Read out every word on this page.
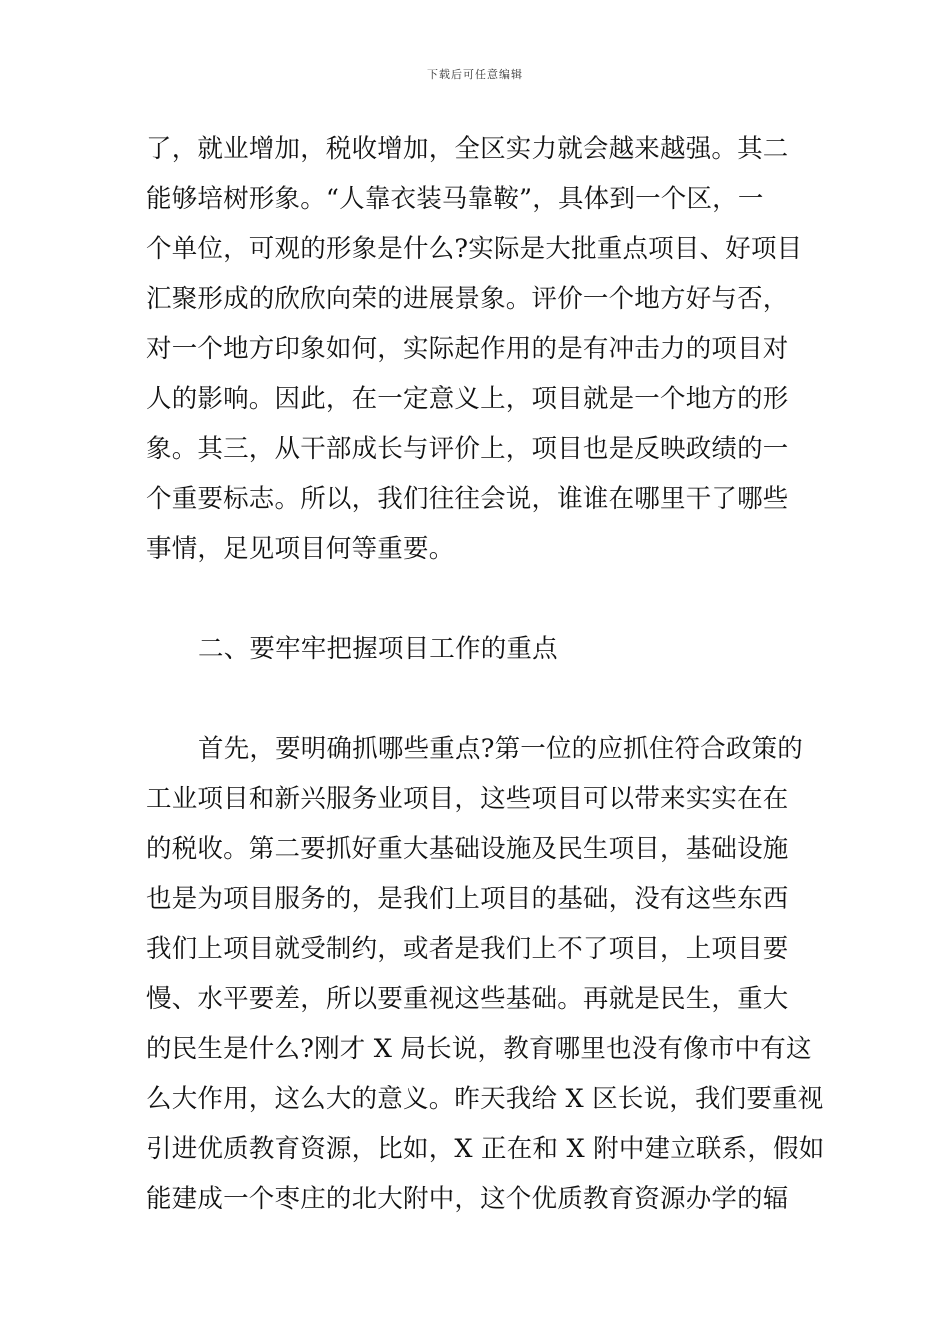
下载后可任意编辑
了，就业增加，税收增加，全区实力就会越来越强。其二
能够培树形象。“人靠衣装马靠鞍”，具体到一个区，一
个单位，可观的形象是什么?实际是大批重点项目、好项目
汇聚形成的欣欣向荣的进展景象。评价一个地方好与否，
对一个地方印象如何，实际起作用的是有冲击力的项目对
人的影响。因此，在一定意义上，项目就是一个地方的形
象。其三，从干部成长与评价上，项目也是反映政绩的一
个重要标志。所以，我们往往会说，谁谁在哪里干了哪些
事情，足见项目何等重要。
二、要牢牢把握项目工作的重点
首先，要明确抓哪些重点?第一位的应抓住符合政策的
工业项目和新兴服务业项目，这些项目可以带来实实在在
的税收。第二要抓好重大基础设施及民生项目，基础设施
也是为项目服务的，是我们上项目的基础，没有这些东西
我们上项目就受制约，或者是我们上不了项目，上项目要
慢、水平要差，所以要重视这些基础。再就是民生，重大
的民生是什么?刚才 X 局长说，教育哪里也没有像市中有这
么大作用，这么大的意义。昨天我给 X 区长说，我们要重视
引进优质教育资源，比如，X 正在和 X 附中建立联系，假如
能建成一个枣庄的北大附中，这个优质教育资源办学的辐
